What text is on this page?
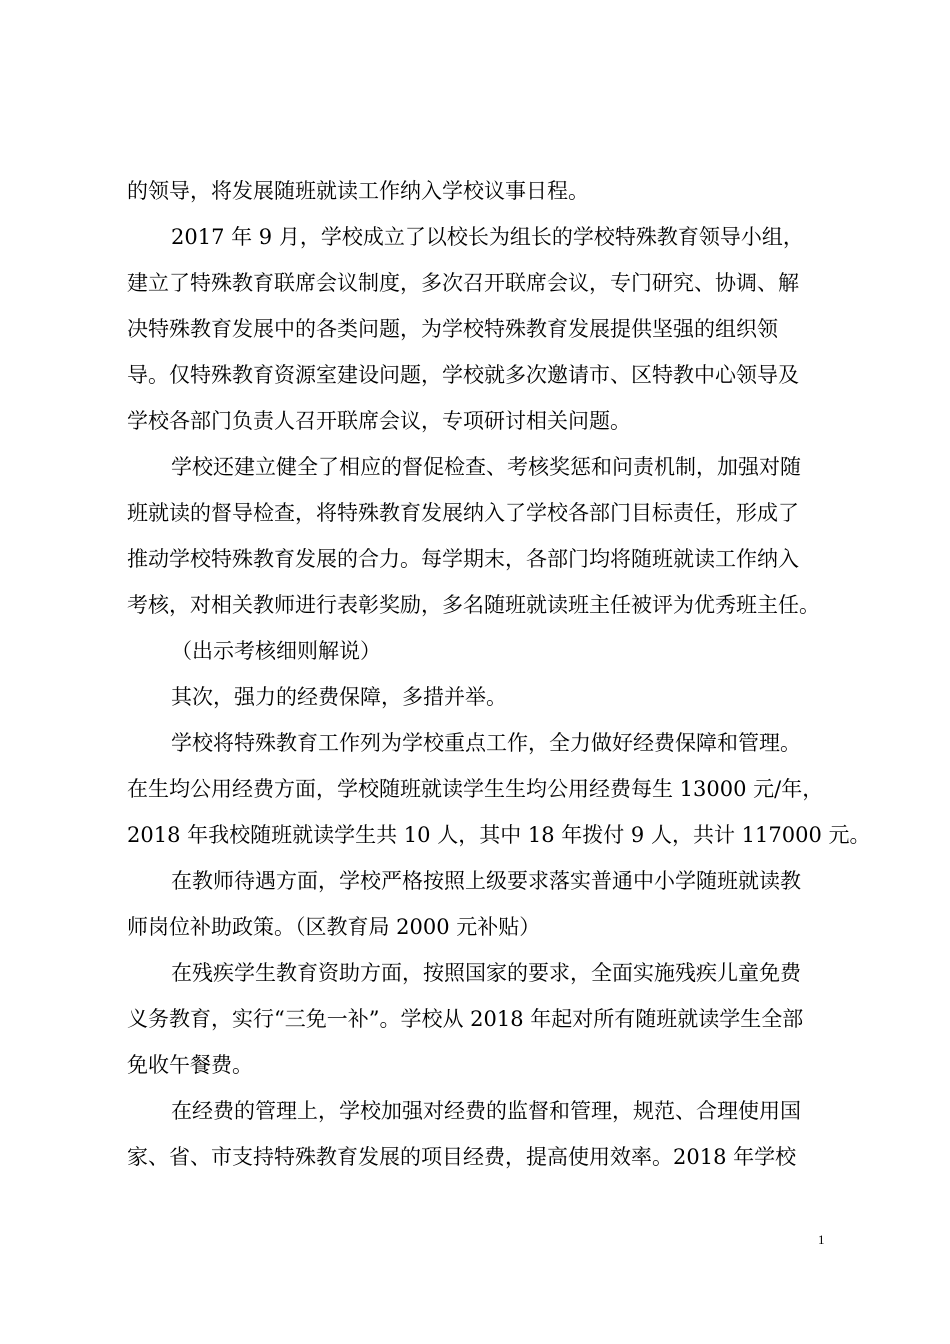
的领导，将发展随班就读工作纳入学校议事日程。
2017 年 9 月，学校成立了以校长为组长的学校特殊教育领导小组，
建立了特殊教育联席会议制度，多次召开联席会议，专门研究、协调、解
决特殊教育发展中的各类问题，为学校特殊教育发展提供坚强的组织领
导。仅特殊教育资源室建设问题，学校就多次邀请市、区特教中心领导及
学校各部门负责人召开联席会议，专项研讨相关问题。
学校还建立健全了相应的督促检查、考核奖惩和问责机制，加强对随
班就读的督导检查，将特殊教育发展纳入了学校各部门目标责任，形成了
推动学校特殊教育发展的合力。每学期末，各部门均将随班就读工作纳入
考核，对相关教师进行表彰奖励，多名随班就读班主任被评为优秀班主任。
（出示考核细则解说）
其次，强力的经费保障，多措并举。
学校将特殊教育工作列为学校重点工作，全力做好经费保障和管理。
在生均公用经费方面，学校随班就读学生生均公用经费每生 13000 元/年，
2018 年我校随班就读学生共 10 人，其中 18 年拨付 9 人，共计 117000 元。
在教师待遇方面，学校严格按照上级要求落实普通中小学随班就读教
师岗位补助政策。（区教育局 2000 元补贴）
在残疾学生教育资助方面，按照国家的要求，全面实施残疾儿童免费
义务教育，实行“三免一补”。学校从 2018 年起对所有随班就读学生全部
免收午餐费。
在经费的管理上，学校加强对经费的监督和管理，规范、合理使用国
家、省、市支持特殊教育发展的项目经费，提高使用效率。2018 年学校
1
